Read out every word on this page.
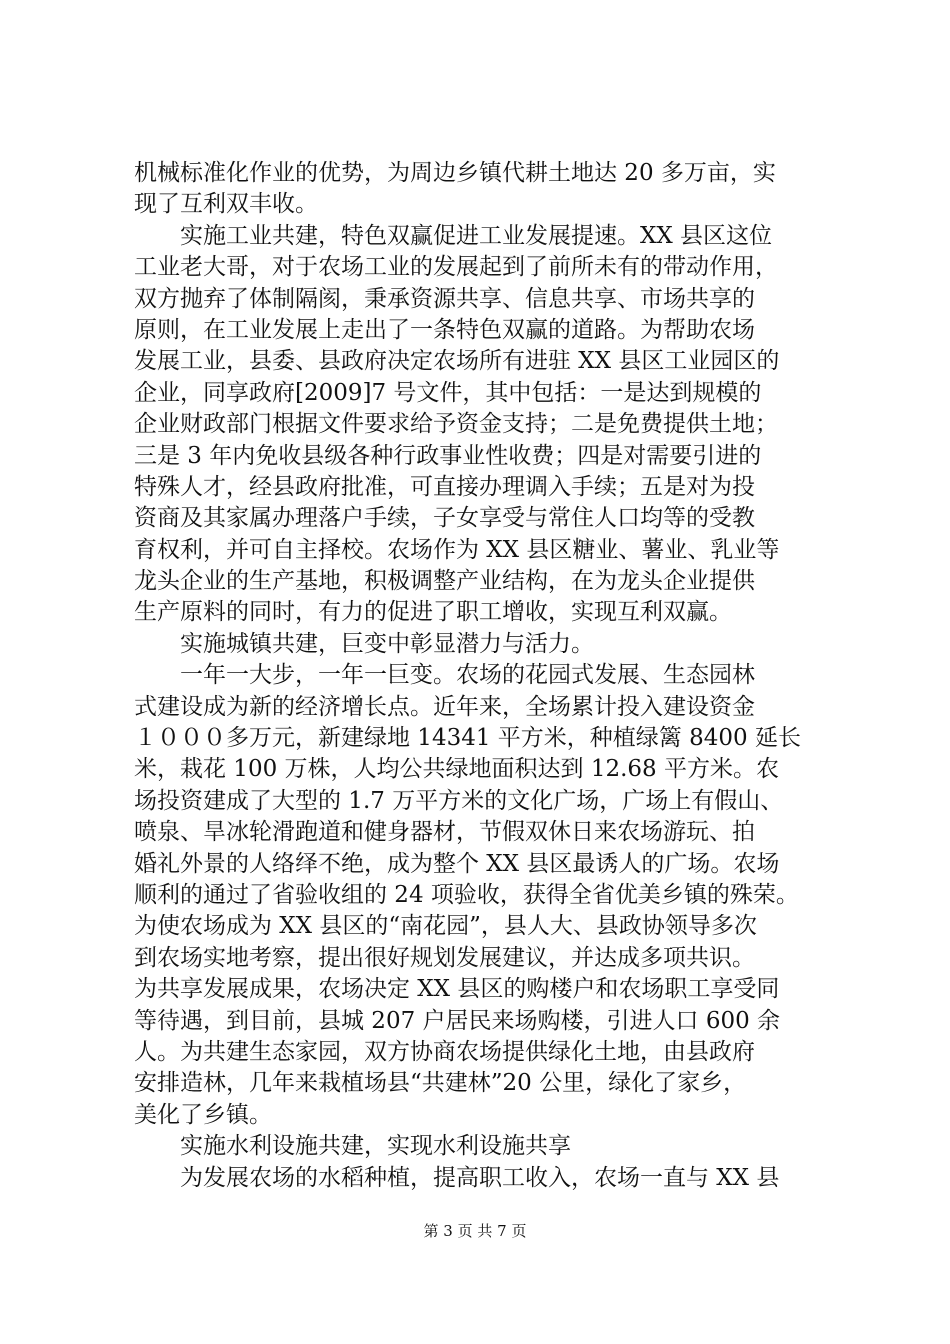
机械标准化作业的优势，为周边乡镇代耕土地达 20 多万亩，实
现了互利双丰收。
　　实施工业共建，特色双赢促进工业发展提速。XX 县区这位
工业老大哥，对于农场工业的发展起到了前所未有的带动作用，
双方抛弃了体制隔阂，秉承资源共享、信息共享、市场共享的
原则，在工业发展上走出了一条特色双赢的道路。为帮助农场
发展工业，县委、县政府决定农场所有进驻 XX 县区工业园区的
企业，同享政府[2009]7 号文件，其中包括：一是达到规模的
企业财政部门根据文件要求给予资金支持；二是免费提供土地；
三是 3 年内免收县级各种行政事业性收费；四是对需要引进的
特殊人才，经县政府批准，可直接办理调入手续；五是对为投
资商及其家属办理落户手续，子女享受与常住人口均等的受教
育权利，并可自主择校。农场作为 XX 县区糖业、薯业、乳业等
龙头企业的生产基地，积极调整产业结构，在为龙头企业提供
生产原料的同时，有力的促进了职工增收，实现互利双赢。
　　实施城镇共建，巨变中彰显潜力与活力。
　　一年一大步，一年一巨变。农场的花园式发展、生态园林
式建设成为新的经济增长点。近年来，全场累计投入建设资金
１０００多万元，新建绿地 14341 平方米，种植绿篱 8400 延长
米，栽花 100 万株，人均公共绿地面积达到 12.68 平方米。农
场投资建成了大型的 1.7 万平方米的文化广场，广场上有假山、
喷泉、旱冰轮滑跑道和健身器材，节假双休日来农场游玩、拍
婚礼外景的人络绎不绝，成为整个 XX 县区最诱人的广场。农场
顺利的通过了省验收组的 24 项验收，获得全省优美乡镇的殊荣。
为使农场成为 XX 县区的“南花园”，县人大、县政协领导多次
到农场实地考察，提出很好规划发展建议，并达成多项共识。
为共享发展成果，农场决定 XX 县区的购楼户和农场职工享受同
等待遇，到目前，县城 207 户居民来场购楼，引进人口 600 余
人。为共建生态家园，双方协商农场提供绿化土地，由县政府
安排造林，几年来栽植场县“共建林”20 公里，绿化了家乡，
美化了乡镇。
　　实施水利设施共建，实现水利设施共享
　　为发展农场的水稻种植，提高职工收入，农场一直与 XX 县
第 3 页 共 7 页
